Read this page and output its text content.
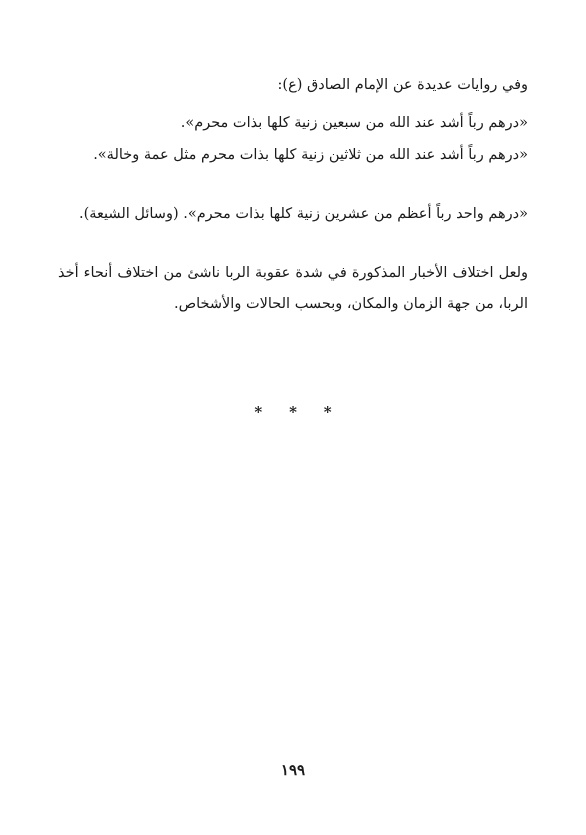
وفي روايات عديدة عن الإمام الصادق (ع):

«درهم رباً أشد عند الله من سبعين زنية كلها بذات محرم».

«درهم رباً أشد عند الله من ثلاثين زنية كلها بذات محرم مثل عمة وخالة».

«درهم واحد رباً أعظم من عشرين زنية كلها بذات محرم». (وسائل الشيعة).

ولعل اختلاف الأخبار المذكورة في شدة عقوبة الربا ناشئ من اختلاف أنحاء أخذ الربا، من جهة الزمان والمكان، وبحسب الحالات والأشخاص.

* * *
١٩٩
